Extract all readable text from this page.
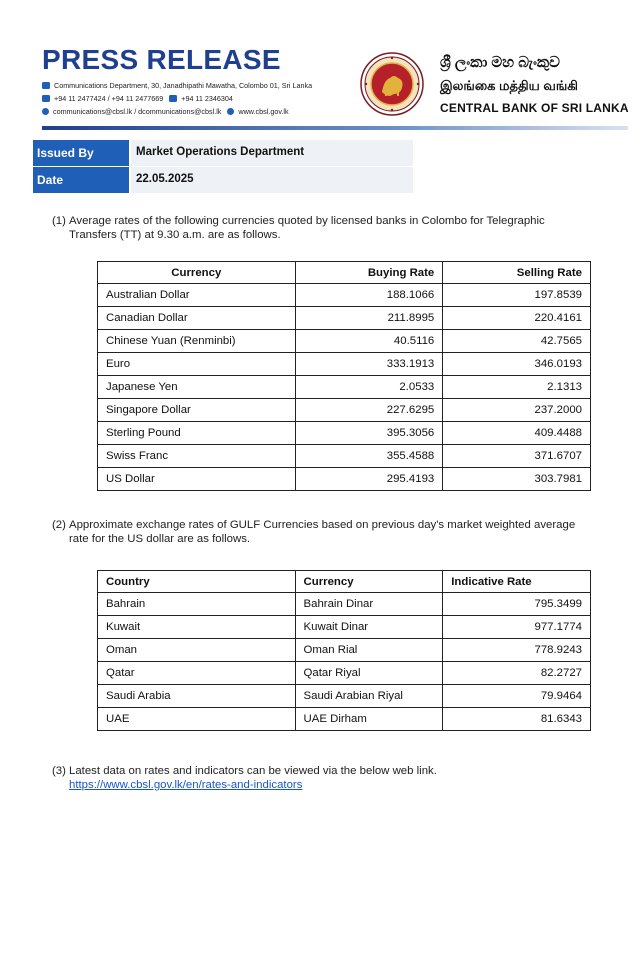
PRESS RELEASE
Communications Department, 30, Janadhipathi Mawatha, Colombo 01, Sri Lanka
+94 11 2477424 / +94 11 2477669	+94 11 2346304
communications@cbsl.lk / dcommunications@cbsl.lk www.cbsl.gov.lk
ශ්‍රී ලංකා මහ බැංකුව
இலங்கை மத்திய வங்கி
CENTRAL BANK OF SRI LANKA
Issued By	Market Operations Department
Date	22.05.2025
(1) Average rates of the following currencies quoted by licensed banks in Colombo for Telegraphic
Transfers (TT) at 9.30 a.m. are as follows.
Currency	Buying Rate	Selling Rate
Australian Dollar	188.1066	197.8539
Canadian Dollar	211.8995	220.4161
Chinese Yuan (Renminbi)	40.5116	42.7565
Euro	333.1913	346.0193
Japanese Yen	2.0533	2.1313
Singapore Dollar	227.6295	237.2000
Sterling Pound	395.3056	409.4488
Swiss Franc	355.4588	371.6707
US Dollar	295.4193	303.7981
(2) Approximate exchange rates of GULF Currencies based on previous day's market weighted average
rate for the US dollar are as follows.
Country	Currency	Indicative Rate
Bahrain	Bahrain Dinar	795.3499
Kuwait	Kuwait Dinar	977.1774
Oman	Oman Rial	778.9243
Qatar	Qatar Riyal	82.2727
Saudi Arabia	Saudi Arabian Riyal	79.9464
UAE	UAE Dirham	81.6343
(3) Latest data on rates and indicators can be viewed via the below web link.
https://www.cbsl.gov.lk/en/rates-and-indicators
